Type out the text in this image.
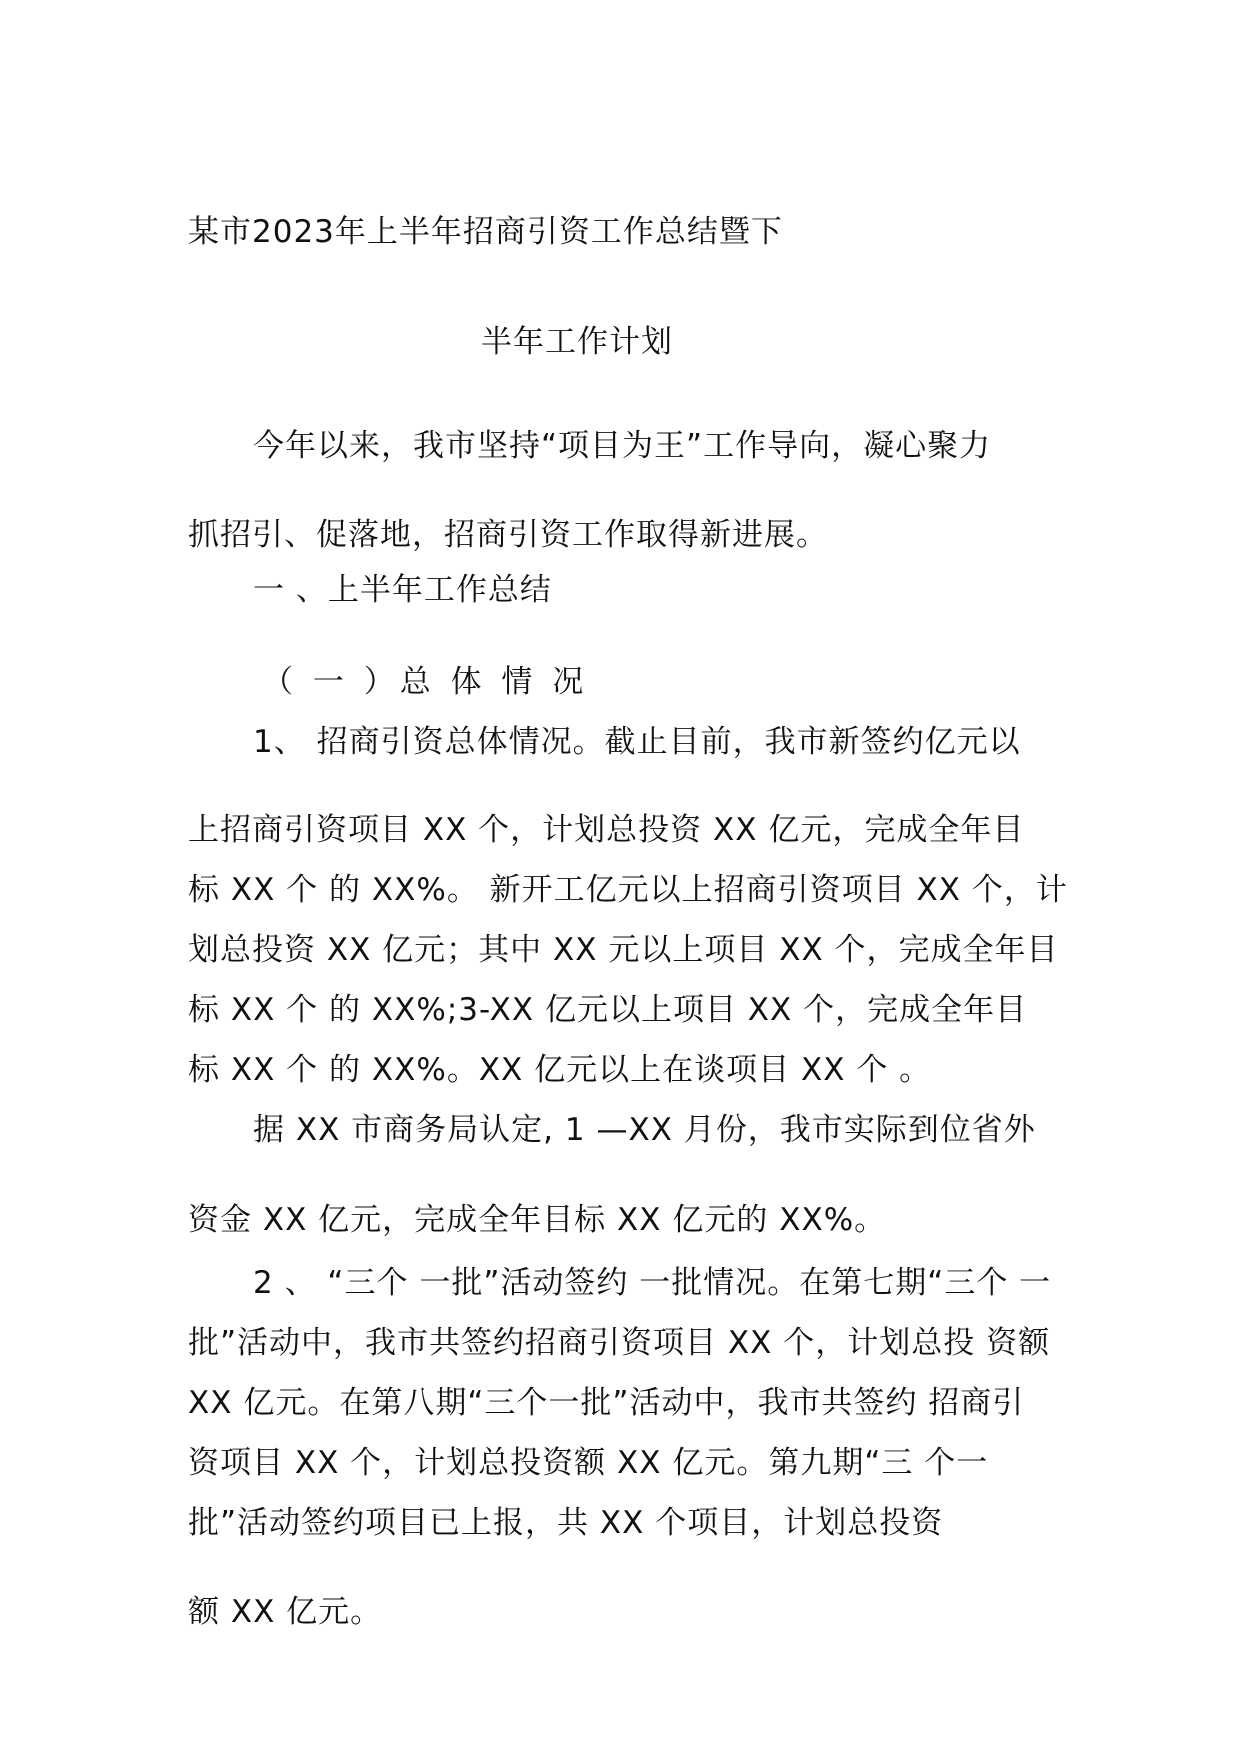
某市2023年上半年招商引资工作总结暨下

半年工作计划

今年以来，我市坚持“项目为王”工作导向，凝心聚力

抓招引、促落地，招商引资工作取得新进展。

一 、上半年工作总结

（ 一 ）总 体 情 况

1、 招商引资总体情况。截止目前，我市新签约亿元以

上招商引资项目 XX 个，计划总投资 XX 亿元，完成全年目

标 XX 个 的 XX%。 新开工亿元以上招商引资项目 XX 个，计

划总投资 XX 亿元；其中 XX 元以上项目 XX 个，完成全年目

标 XX 个 的 XX%;3-XX 亿元以上项目 XX 个，完成全年目

标 XX 个 的 XX%。XX 亿元以上在谈项目 XX 个 。

据 XX 市商务局认定, 1 —XX 月份，我市实际到位省外

资金 XX 亿元，完成全年目标 XX 亿元的 XX%。

2 、 “三个 一批”活动签约 一批情况。在第七期“三个 一

批”活动中，我市共签约招商引资项目 XX 个，计划总投 资额

XX 亿元。在第八期“三个一批”活动中，我市共签约 招商引

资项目 XX 个，计划总投资额 XX 亿元。第九期“三 个一

批”活动签约项目已上报，共 XX 个项目，计划总投资

额 XX 亿元。
